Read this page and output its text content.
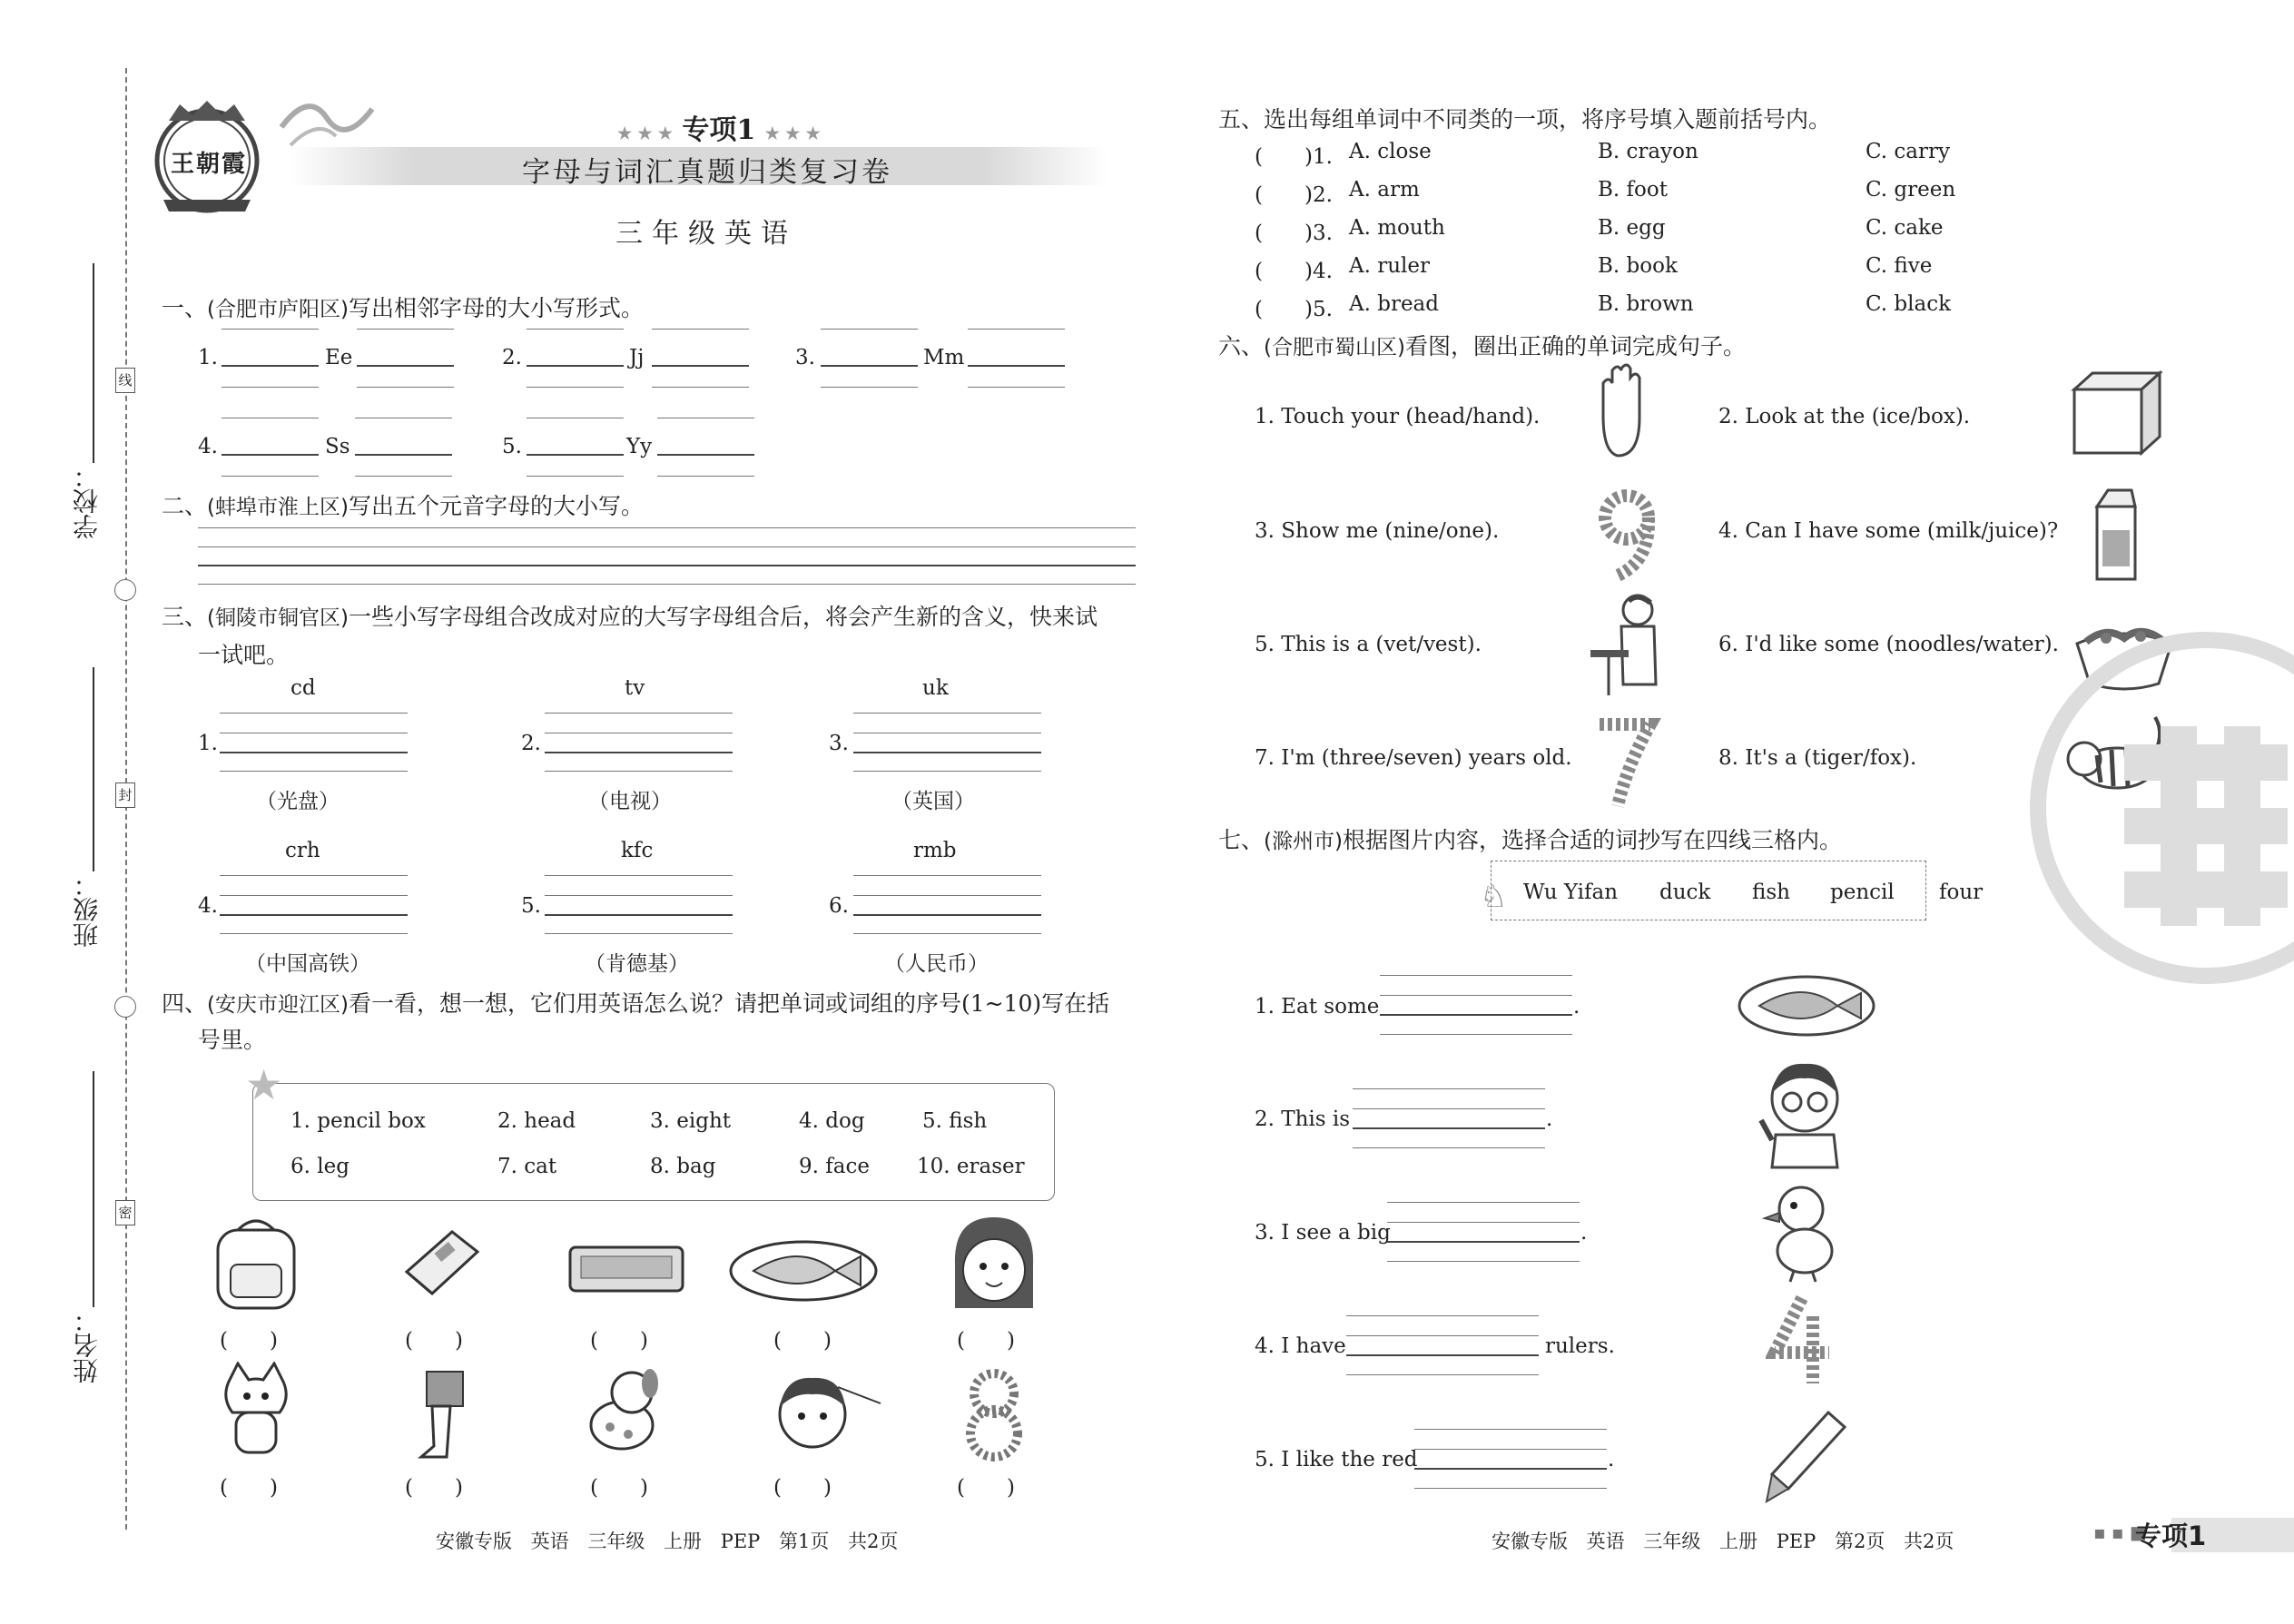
学校：
班级：
姓名：
线
封
密
王朝霞
★ ★ ★ 专项1 ★ ★ ★
字母与词汇真题归类复习卷
三年级英语
一、(合肥市庐阳区)写出相邻字母的大小写形式。
1.	Ee	2.	Jj	3.	Mm
4.	Ss	5.	Yy
二、(蚌埠市淮上区)写出五个元音字母的大小写。
三、(铜陵市铜官区)一些小写字母组合改成对应的大写字母组合后，将会产生新的含义，快来试
一试吧。
cd
1.
（光盘）
tv
2.
（电视）
uk
3.
（英国）
crh
4.
（中国高铁）
kfc
5.
（肯德基）
rmb
6.
（人民币）
四、(安庆市迎江区)看一看，想一想，它们用英语怎么说？请把单词或词组的序号(1~10)写在括
号里。
★
1. pencil box	2. head	3. eight	4. dog	5. fish
6. leg	7. cat	8. bag	9. face 10. eraser
(　　)	(　　)	(　　)	(　　)	(　　)
(　　)	(　　)	(　　)	(　　)	(　　)
安徽专版 英语 三年级 上册 PEP 第1页 共2页
五、选出每组单词中不同类的一项，将序号填入题前括号内。
(　　)1. A. close	B. crayon	C. carry
(　　)2. A. arm	B. foot	C. green
(　　)3. A. mouth	B. egg	C. cake
(　　)4. A. ruler	B. book	C. five
(　　)5. A. bread	B. brown	C. black
六、(合肥市蜀山区)看图，圈出正确的单词完成句子。
1. Touch your (head/hand).	2. Look at the (ice/box).
3. Show me (nine/one).	4. Can I have some (milk/juice)?
5. This is a (vet/vest).	6. I'd like some (noodles/water).
7. I'm (three/seven) years old.	8. It's a (tiger/fox).
七、(滁州市)根据图片内容，选择合适的词抄写在四线三格内。
♘ Wu Yifan duck fish pencil four
1. Eat some	.
2. This is	.
3. I see a big	.
4. I have	rulers.
5. I like the red	.
安徽专版 英语 三年级 上册 PEP 第2页 共2页	▪ ▪ ■
专项1
